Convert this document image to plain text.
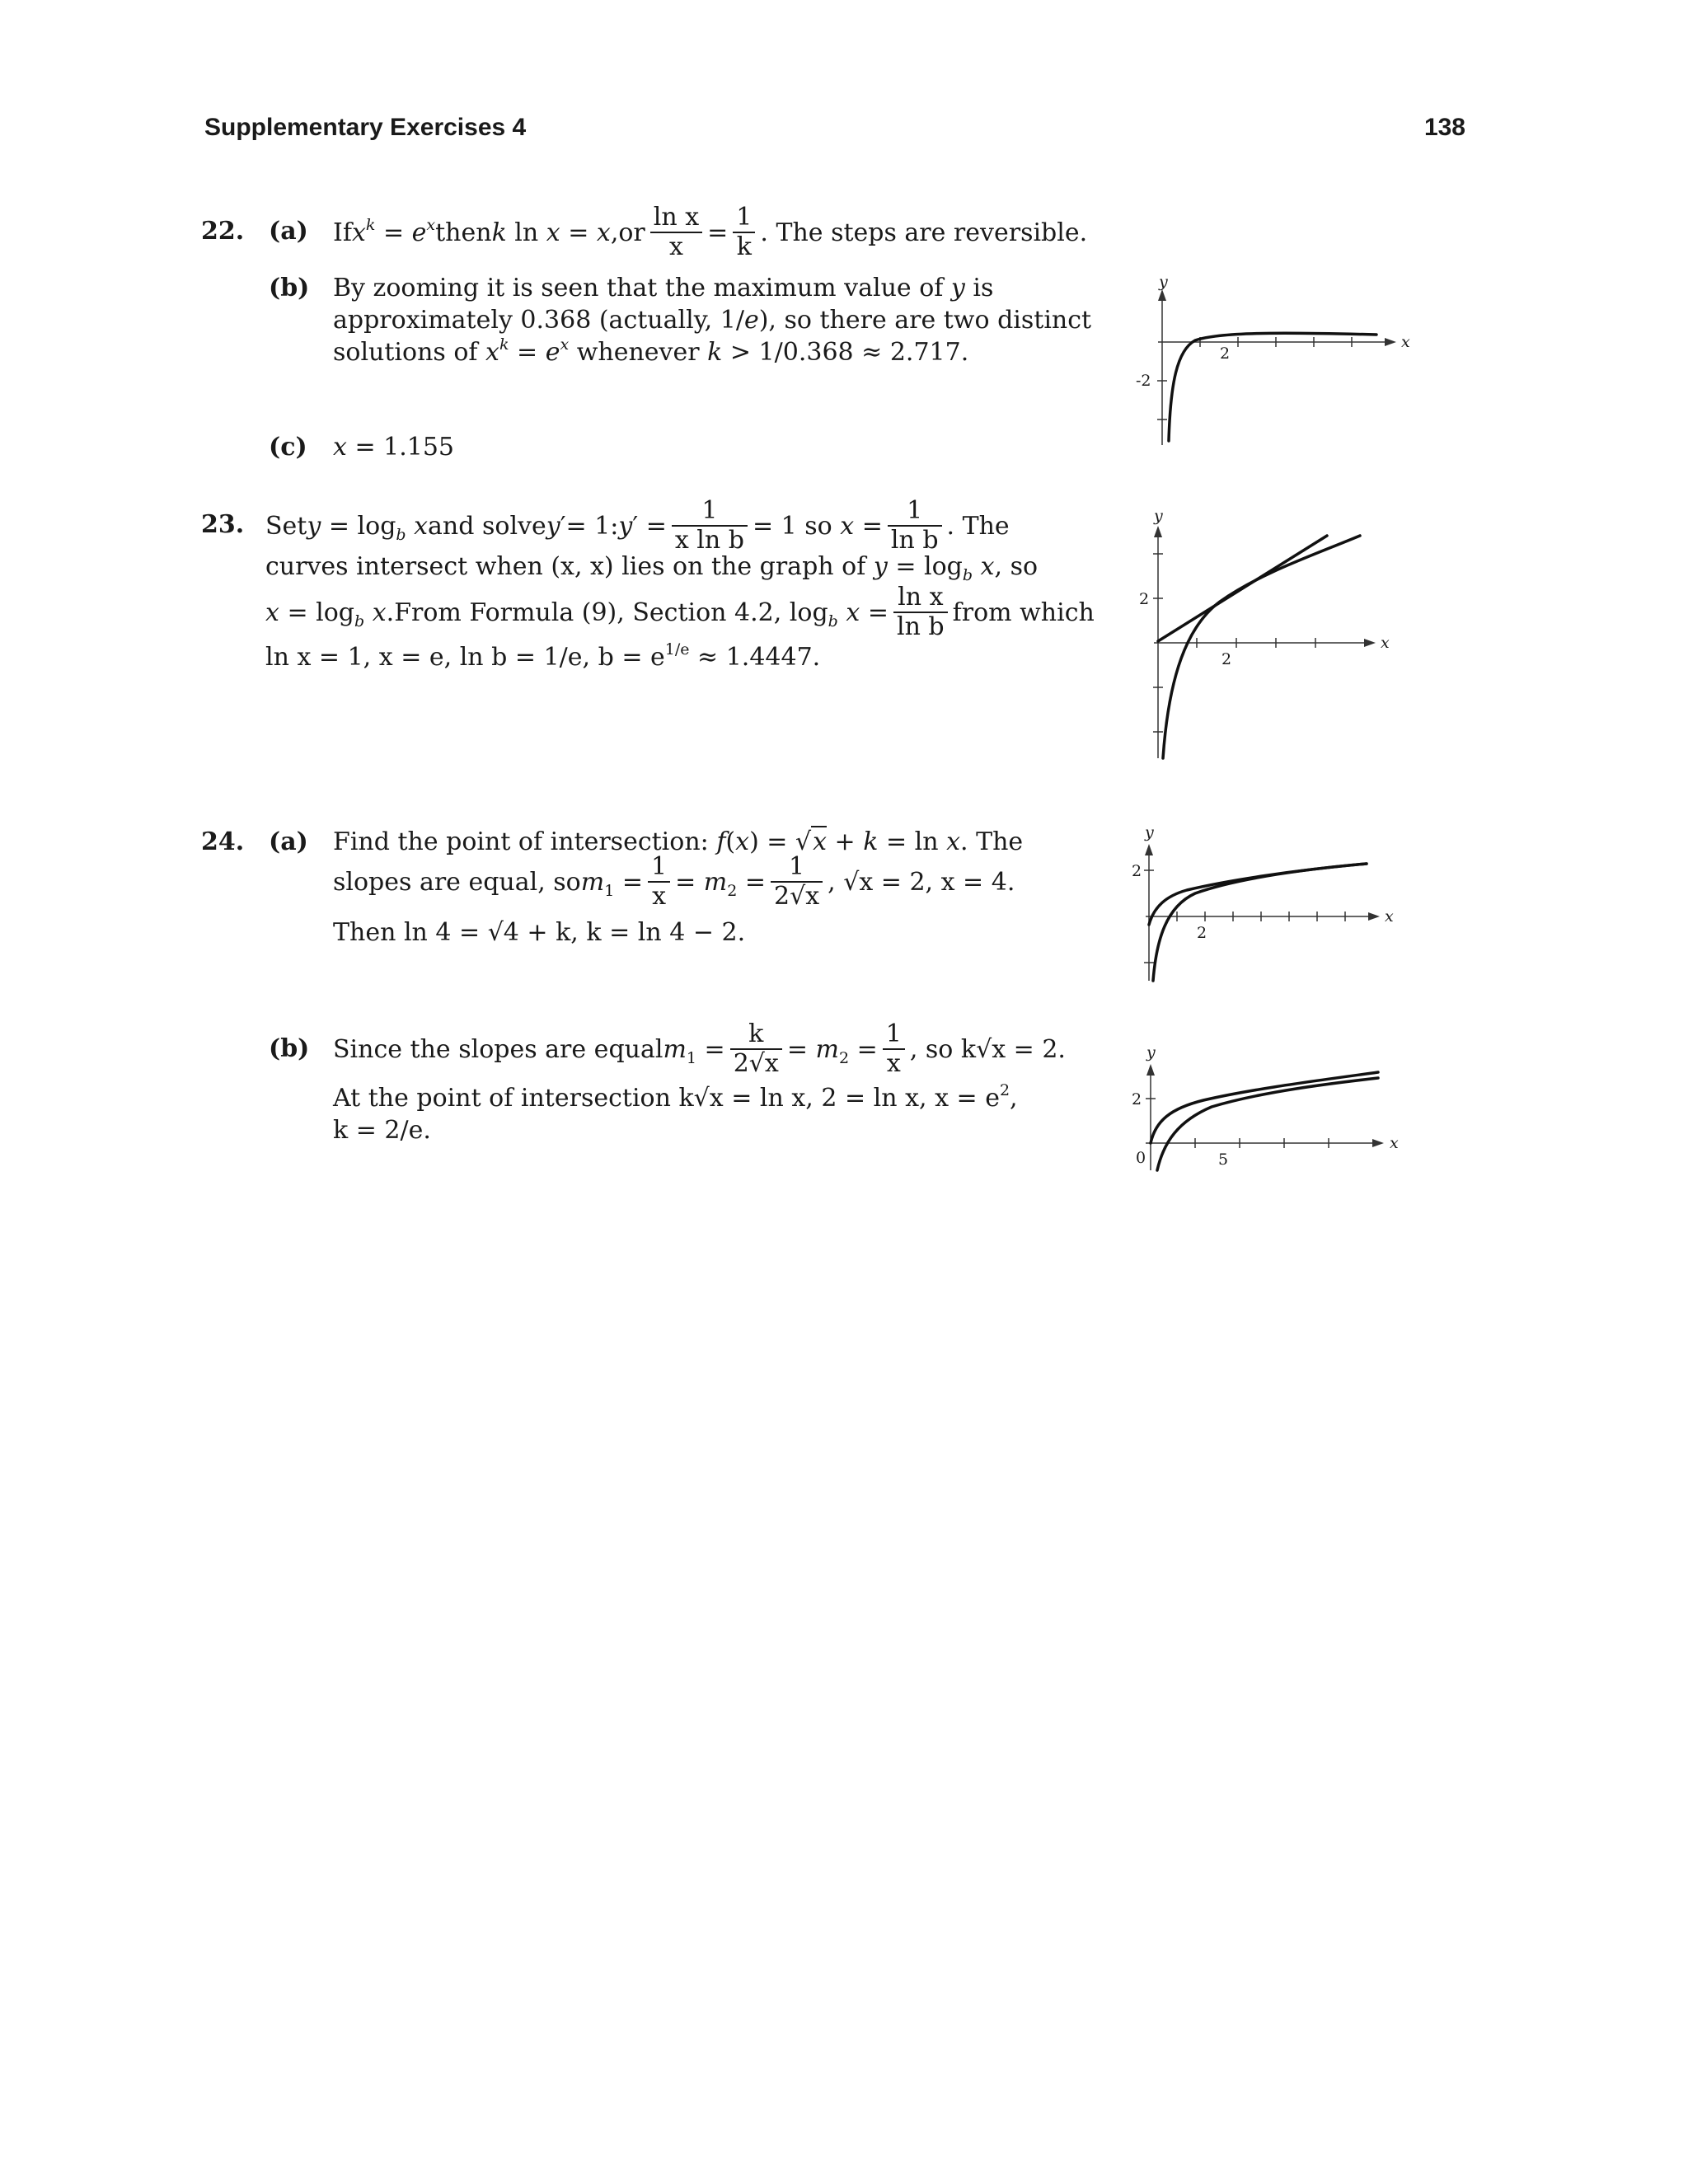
Supplementary Exercises 4	138
22. (a) If $x^k = e^x$ then k ln x = x, or $\frac{\text{ln x}}{x} = \frac{1}{k}$ . The steps are reversible.
(b) By zooming it is seen that the maximum value of y is
approximately 0.368 (actually, 1/e), so there are two distinct
solutions of $x^k = e^x$ whenever k > 1/0.368 ≈ 2.717.
(c) x = 1.155
y
x
2
-2
23. Set $y = \log_b x$ and solve y′ = 1: $y' = \frac{1}{\text{x ln b}} = 1$ so $x = \frac{1}{\text{ln b}}$ . The
curves intersect when (x, x) lies on the graph of $y = \log_b x$, so
$x = \log_b x$. From Formula (9), Section 4.2, $\log_b x = \frac{\text{ln x}}{\text{ln b}}$ from which
ln x = 1, x = e, ln b = 1/e, $b = e^{1/e} \approx 1.4447$.
y
x
2
2
24. (a) Find the point of intersection: f(x) = √x + k = ln x. The
slopes are equal, so $m_1 = \frac{1}{x} = m_2 = \frac{1}{2√x}$ , √x = 2, x = 4.
Then ln 4 = √4 + k, k = ln 4 − 2.
(b) Since the slopes are equal $m_1 = \frac{k}{2√x} = m_2 = \frac{1}{x}$ , so k√x = 2.
At the point of intersection k√x = ln x, 2 = ln x, $x = e^2$,
k = 2/e.
y
x
2
2
y
x
2
0	5
